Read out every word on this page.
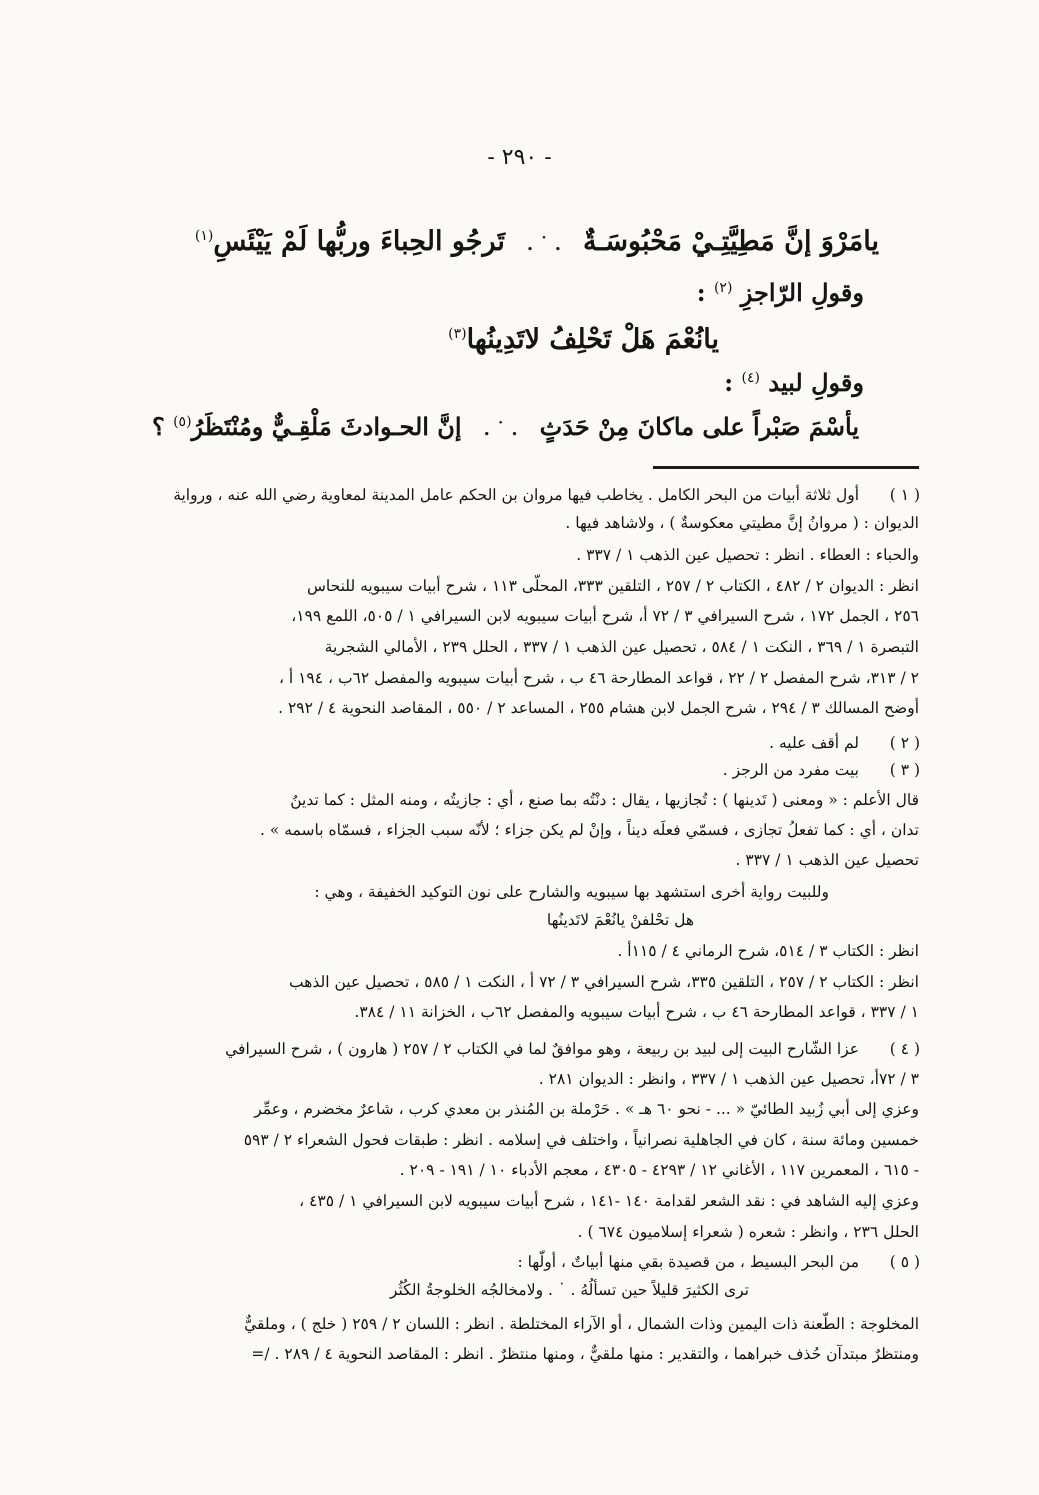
- ٢٩٠ -
يامَرْوَ إنَّ مَطِيَّتِـيْ مَحْبُوسَـةٌ. ˙ .تَرجُو الحِباءَ وربُّها لَمْ يَيْئَسِ$^{(١)}$
وقولِ الرّاجزِ $^{(٢)}$ :
يانُعْمَ هَلْ تَحْلِفُ لاتَدِينُها$^{(٣)}$
وقولِ لبيد $^{(٤)}$ :
يأسْمَ صَبْراً على ماكانَ مِنْ حَدَثٍ. ˙ .إنَّ الحـوادثَ مَلْقِـيٌّ ومُنْتَظَرُ$^{(٥)}$ ؟
( ١ )
( ٢ )
( ٣ )
( ٤ )
( ٥ )
أول ثلاثة أبيات من البحر الكامل . يخاطب فيها مروان بن الحكم عامل المدينة لمعاوية رضي الله عنه ، ورواية
الديوان : ( مروانُ إنَّ مطيتي معكوسةٌ ) ، ولاشاهد فيها .
والحباء : العطاء . انظر : تحصيل عين الذهب ١ / ٣٣٧ .
انظر : الديوان ٢ / ٤٨٢ ، الكتاب ٢ / ٢٥٧ ، التلقين ٣٣٣، المحلّى ١١٣ ، شرح أبيات سيبويه للنحاس
٢٥٦ ، الجمل ١٧٢ ، شرح السيرافي ٣ / ٧٢ أ، شرح أبيات سيبويه لابن السيرافي ١ / ٥٠٥، اللمع ١٩٩،
التبصرة ١ / ٣٦٩ ، النكت ١ / ٥٨٤ ، تحصيل عين الذهب ١ / ٣٣٧ ، الحلل ٢٣٩ ، الأمالي الشجرية
٢ / ٣١٣، شرح المفصل ٢ / ٢٢ ، قواعد المطارحة ٤٦ ب ، شرح أبيات سيبويه والمفصل ٦٢ب ، ١٩٤ أ ،
أوضح المسالك ٣ / ٢٩٤ ، شرح الجمل لابن هشام ٢٥٥ ، المساعد ٢ / ٥٥٠ ، المقاصد النحوية ٤ / ٢٩٢ .
لم أقف عليه .
بيت مفرد من الرجز .
قال الأعلم : « ومعنى ( تَدينها ) : تُجازيها ، يقال : دنْتُه بما صنع ، أي : جازيتُه ، ومنه المثل : كما تدينُ
تدان ، أي : كما تفعلُ تجازى ، فسمّي فعلَه ديناً ، وإنْ لم يكن جزاء ؛ لأنّه سبب الجزاء ، فسمّاه باسمه » .
تحصيل عين الذهب ١ / ٣٣٧ .
وللبيت رواية أخرى استشهد بها سيبويه والشارح على نون التوكيد الخفيفة ، وهي :
هل تحْلفنْ يانُعْمَ لاتَدينُها
انظر : الكتاب ٣ / ٥١٤، شرح الرماني ٤ / ١١٥أ .
انظر : الكتاب ٢ / ٢٥٧ ، التلقين ٣٣٥، شرح السيرافي ٣ / ٧٢ أ ، النكت ١ / ٥٨٥ ، تحصيل عين الذهب
١ / ٣٣٧ ، قواعد المطارحة ٤٦ ب ، شرح أبيات سيبويه والمفصل ٦٢ب ، الخزانة ١١ / ٣٨٤.
عزا الشّارح البيت إلى لبيد بن ربيعة ، وهو موافقٌ لما في الكتاب ٢ / ٢٥٧ ( هارون ) ، شرح السيرافي
٣ / ٧٢أ، تحصيل عين الذهب ١ / ٣٣٧ ، وانظر : الديوان ٢٨١ .
وعزي إلى أبي زُبيد الطائيّ « ... - نحو ٦٠ هـ » . حَرْملة بن المُنذر بن معدي كرب ، شاعرٌ مخضرم ، وعمِّر
خمسين ومائة سنة ، كان في الجاهلية نصرانياً ، واختلف في إسلامه . انظر : طبقات فحول الشعراء ٢ / ٥٩٣
- ٦١٥ ، المعمرين ١١٧ ، الأغاني ١٢ / ٤٢٩٣ - ٤٣٠٥ ، معجم الأدباء ١٠ / ١٩١ - ٢٠٩ .
وعزي إليه الشاهد في : نقد الشعر لقدامة ١٤٠ -١٤١ ، شرح أبيات سيبويه لابن السيرافي ١ / ٤٣٥ ،
الحلل ٢٣٦ ، وانظر : شعره ( شعراء إسلاميون ٦٧٤ ) .
من البحر البسيط ، من قصيدة بقي منها أبياتٌ ، أولّها :
ترى الكثيرَ قليلاً حين تسألُهُ . ˙ . ولامخالجُه الخلوجةُ الكُثُر
المخلوجة : الطّعنة ذات اليمين وذات الشمال ، أو الآراء المختلطة . انظر : اللسان ٢ / ٢٥٩ ( خلج ) ، وملقيٌّ
ومنتظرٌ مبتدآن حُذف خبراهما ، والتقدير : منها ملقيٌّ ، ومنها منتظرٌ . انظر : المقاصد النحوية ٤ / ٢٨٩ . /=
